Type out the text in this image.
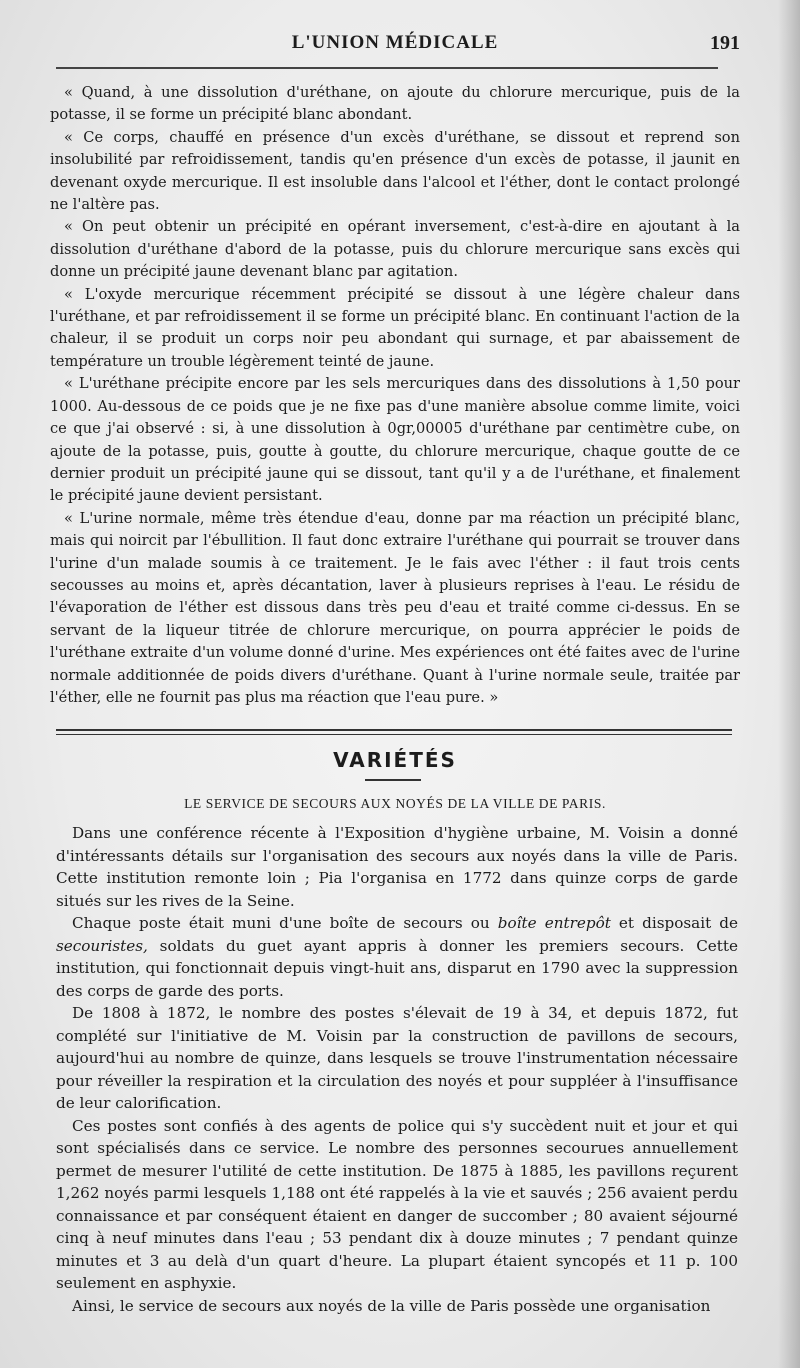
L'UNION MÉDICALE	191

« Quand, à une dissolution d'uréthane, on ajoute du chlorure mercurique, puis de la potasse, il se forme un précipité blanc abondant.

« Ce corps, chauffé en présence d'un excès d'uréthane, se dissout et reprend son insolubilité par refroidissement, tandis qu'en présence d'un excès de potasse, il jaunit en devenant oxyde mercurique. Il est insoluble dans l'alcool et l'éther, dont le contact prolongé ne l'altère pas.

« On peut obtenir un précipité en opérant inversement, c'est-à-dire en ajoutant à la dissolution d'uréthane d'abord de la potasse, puis du chlorure mercurique sans excès qui donne un précipité jaune devenant blanc par agitation.

« L'oxyde mercurique récemment précipité se dissout à une légère chaleur dans l'uréthane, et par refroidissement il se forme un précipité blanc. En continuant l'action de la chaleur, il se produit un corps noir peu abondant qui surnage, et par abaissement de température un trouble légèrement teinté de jaune.

« L'uréthane précipite encore par les sels mercuriques dans des dissolutions à 1,50 pour 1000. Au-dessous de ce poids que je ne fixe pas d'une manière absolue comme limite, voici ce que j'ai observé : si, à une dissolution à 0gr,00005 d'uréthane par centimètre cube, on ajoute de la potasse, puis, goutte à goutte, du chlorure mercurique, chaque goutte de ce dernier produit un précipité jaune qui se dissout, tant qu'il y a de l'uréthane, et finalement le précipité jaune devient persistant.

« L'urine normale, même très étendue d'eau, donne par ma réaction un précipité blanc, mais qui noircit par l'ébullition. Il faut donc extraire l'uréthane qui pourrait se trouver dans l'urine d'un malade soumis à ce traitement. Je le fais avec l'éther : il faut trois cents secousses au moins et, après décantation, laver à plusieurs reprises à l'eau. Le résidu de l'évaporation de l'éther est dissous dans très peu d'eau et traité comme ci-dessus. En se servant de la liqueur titrée de chlorure mercurique, on pourra apprécier le poids de l'uréthane extraite d'un volume donné d'urine. Mes expériences ont été faites avec de l'urine normale additionnée de poids divers d'uréthane. Quant à l'urine normale seule, traitée par l'éther, elle ne fournit pas plus ma réaction que l'eau pure. »

VARIÉTÉS
LE SERVICE DE SECOURS AUX NOYÉS DE LA VILLE DE PARIS.

Dans une conférence récente à l'Exposition d'hygiène urbaine, M. Voisin a donné d'intéressants détails sur l'organisation des secours aux noyés dans la ville de Paris. Cette institution remonte loin ; Pia l'organisa en 1772 dans quinze corps de garde situés sur les rives de la Seine.

Chaque poste était muni d'une boîte de secours ou boîte entrepôt et disposait de secouristes, soldats du guet ayant appris à donner les premiers secours. Cette institution, qui fonctionnait depuis vingt-huit ans, disparut en 1790 avec la suppression des corps de garde des ports.

De 1808 à 1872, le nombre des postes s'élevait de 19 à 34, et depuis 1872, fut complété sur l'initiative de M. Voisin par la construction de pavillons de secours, aujourd'hui au nombre de quinze, dans lesquels se trouve l'instrumentation nécessaire pour réveiller la respiration et la circulation des noyés et pour suppléer à l'insuffisance de leur calorification.

Ces postes sont confiés à des agents de police qui s'y succèdent nuit et jour et qui sont spécialisés dans ce service. Le nombre des personnes secourues annuellement permet de mesurer l'utilité de cette institution. De 1875 à 1885, les pavillons reçurent 1,262 noyés parmi lesquels 1,188 ont été rappelés à la vie et sauvés ; 256 avaient perdu connaissance et par conséquent étaient en danger de succomber ; 80 avaient séjourné cinq à neuf minutes dans l'eau ; 53 pendant dix à douze minutes ; 7 pendant quinze minutes et 3 au delà d'un quart d'heure. La plupart étaient syncopés et 11 p. 100 seulement en asphyxie.

Ainsi, le service de secours aux noyés de la ville de Paris possède une organisation
